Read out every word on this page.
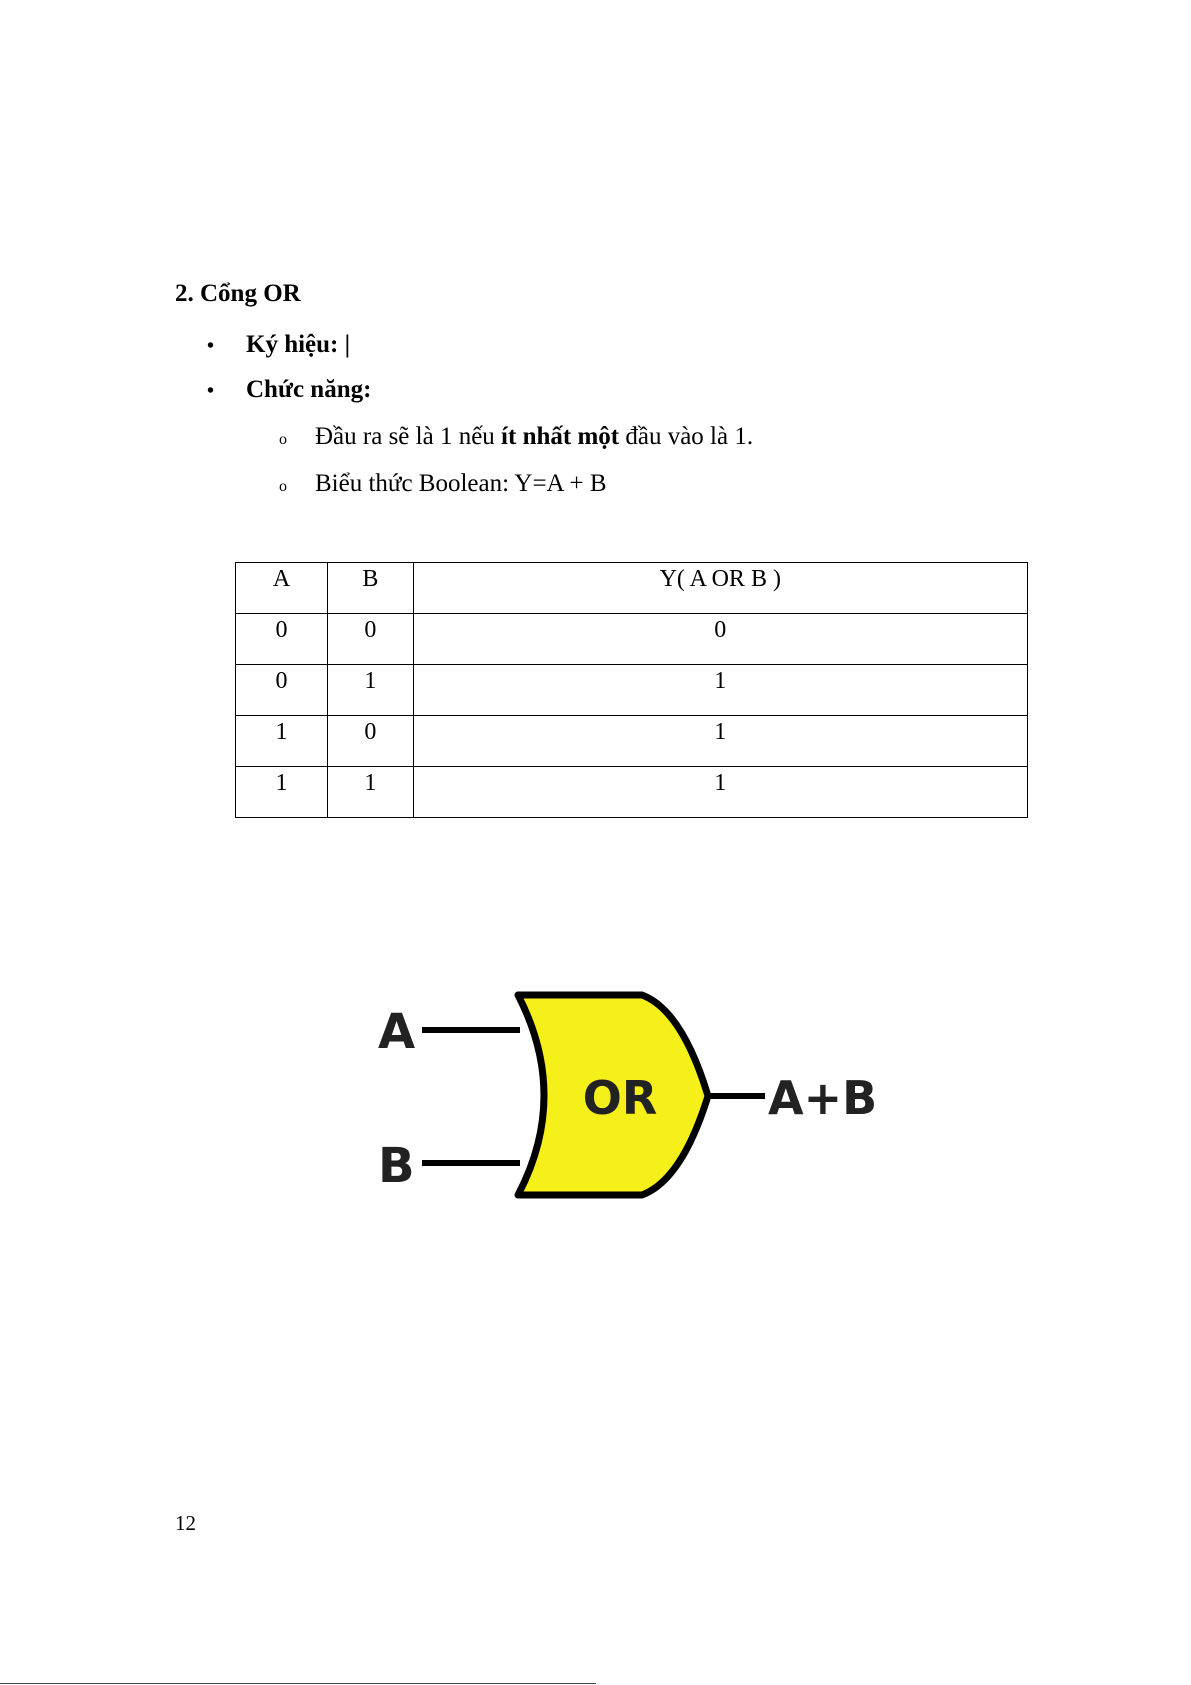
2. Cổng OR
•	Ký hiệu: |
•	Chức năng:
o	Đầu ra sẽ là 1 nếu ít nhất một đầu vào là 1.
o	Biểu thức Boolean: Y=A + B
A	B	Y( A OR B )
0	0	0
0	1	1
1	0	1
1	1	1
A
B
OR A+B
12
